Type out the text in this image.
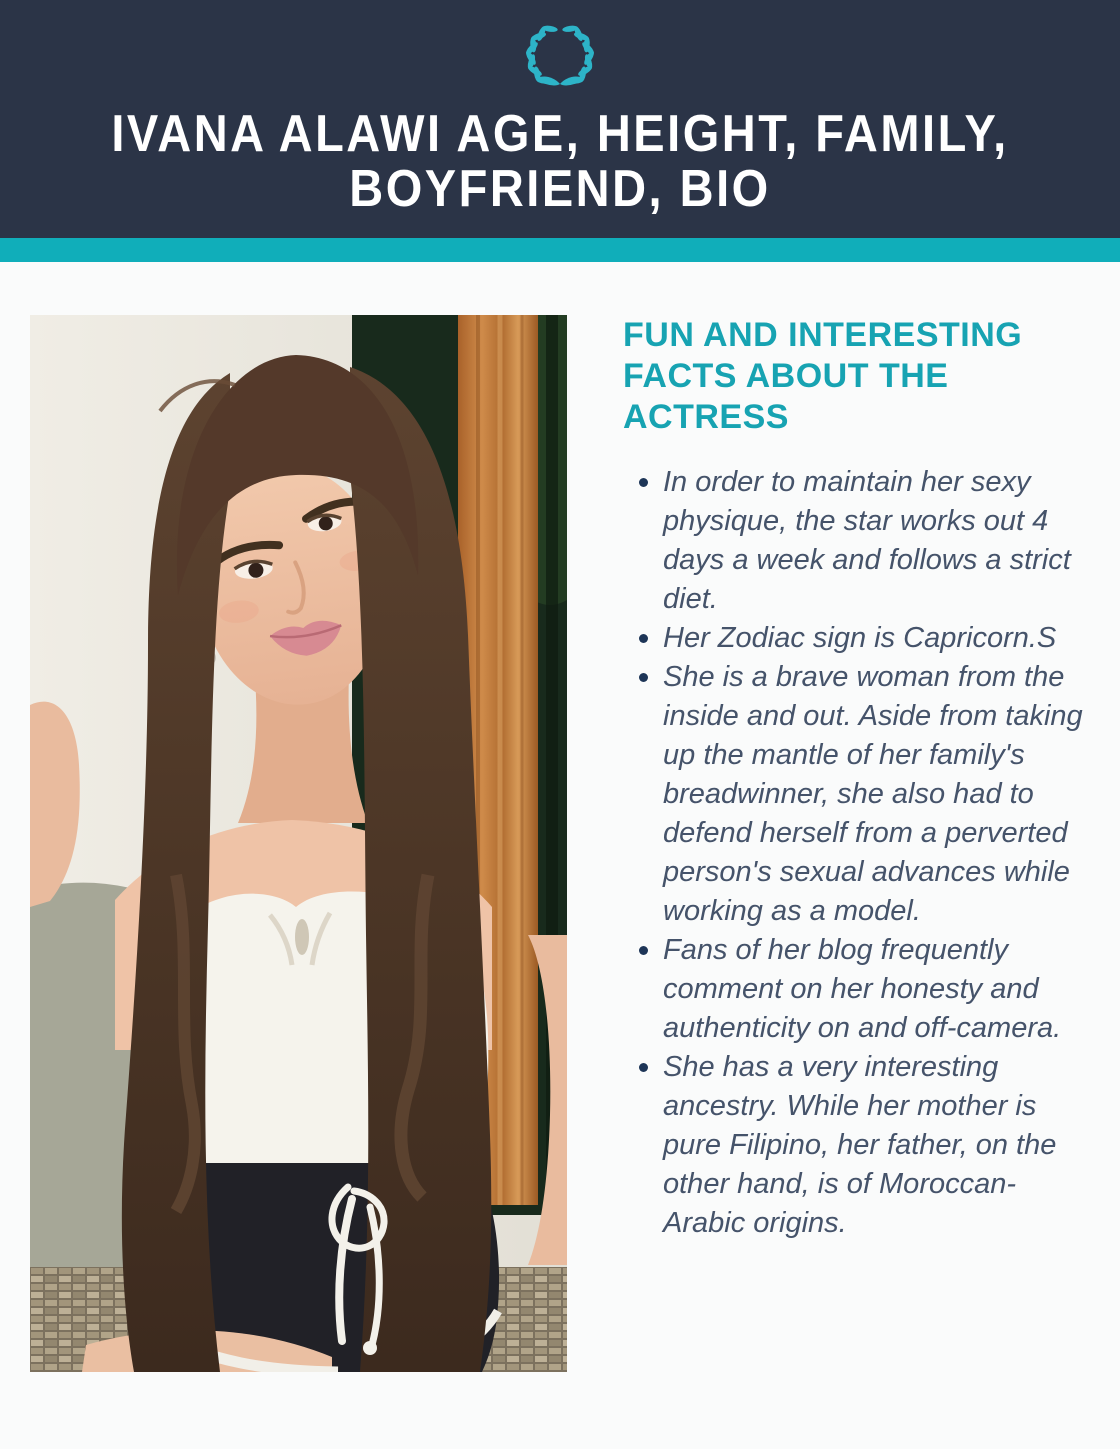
IVANA ALAWI AGE, HEIGHT, FAMILY,
BOYFRIEND, BIO
FUN AND INTERESTING FACTS ABOUT THE ACTRESS
In order to maintain her sexy physique, the star works out 4 days a week and follows a strict diet.
Her Zodiac sign is Capricorn.S
She is a brave woman from the inside and out. Aside from taking up the mantle of her family's breadwinner, she also had to defend herself from a perverted person's sexual advances while working as a model.
Fans of her blog frequently comment on her honesty and authenticity on and off-camera.
She has a very interesting ancestry. While her mother is pure Filipino, her father, on the other hand, is of Moroccan-Arabic origins.
